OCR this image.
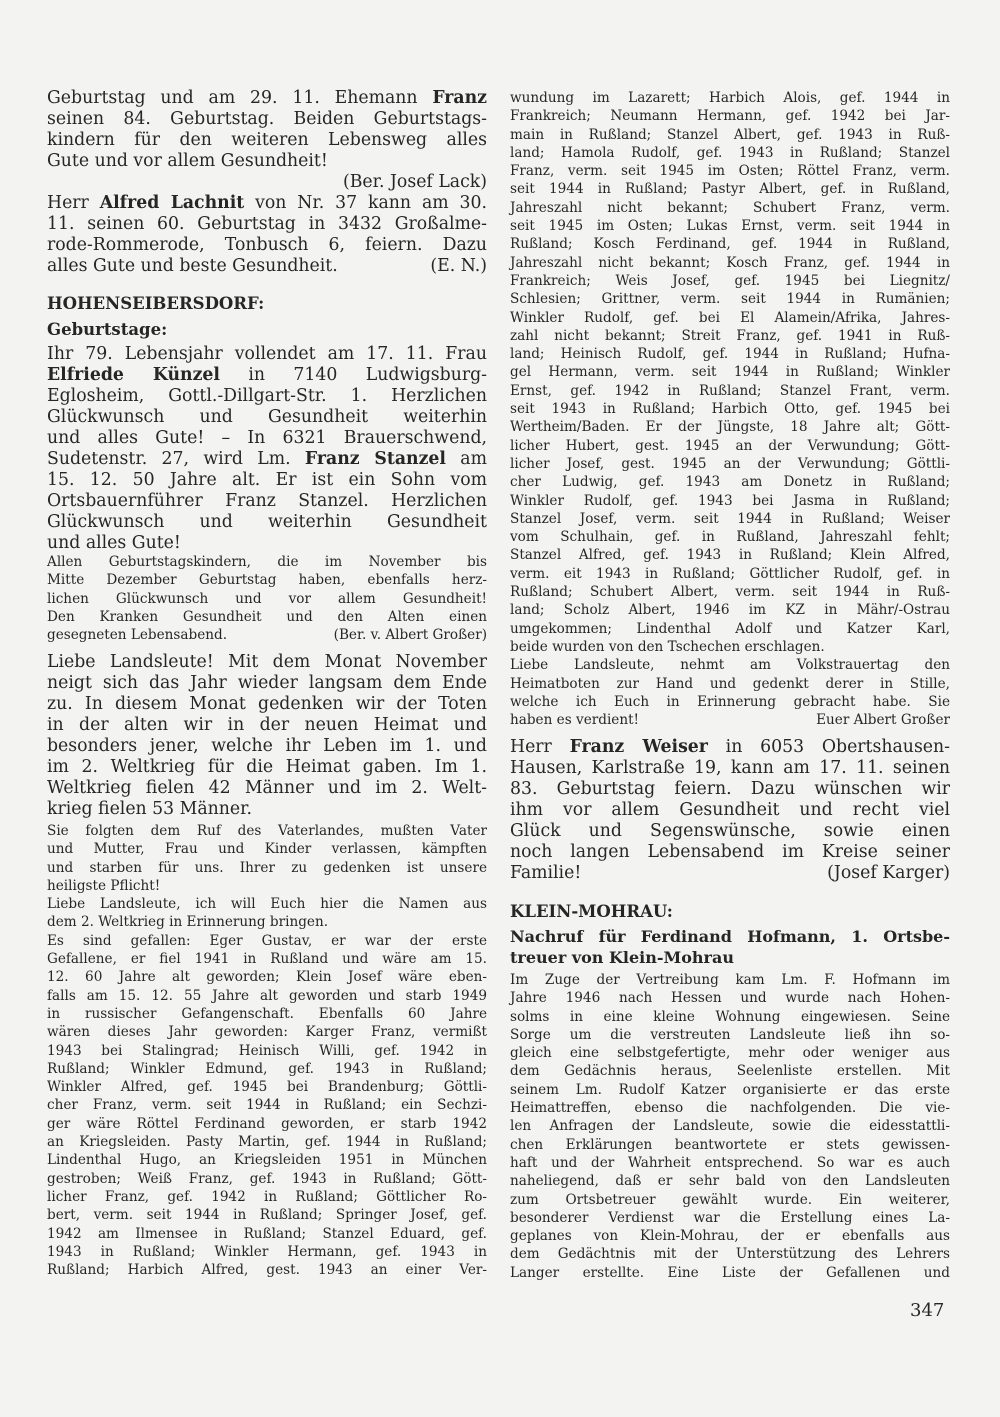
Geburtstag und am 29. 11. Ehemann Franz
seinen 84. Geburtstag. Beiden Geburtstags-
kindern für den weiteren Lebensweg alles
Gute und vor allem Gesundheit!
(Ber. Josef Lack)
Herr Alfred Lachnit von Nr. 37 kann am 30.
11. seinen 60. Geburtstag in 3432 Großalme-
rode-Rommerode, Tonbusch 6, feiern. Dazu
alles Gute und beste Gesundheit.	(E. N.)
HOHENSEIBERSDORF:
Geburtstage:
Ihr 79. Lebensjahr vollendet am 17. 11. Frau
Elfriede Künzel in 7140 Ludwigsburg-
Eglosheim, Gottl.-Dillgart-Str. 1. Herzlichen
Glückwunsch und Gesundheit weiterhin
und alles Gute! – In 6321 Brauerschwend,
Sudetenstr. 27, wird Lm. Franz Stanzel am
15. 12. 50 Jahre alt. Er ist ein Sohn vom
Ortsbauernführer Franz Stanzel. Herzlichen
Glückwunsch und weiterhin Gesundheit
und alles Gute!
Allen Geburtstagskindern, die im November bis
Mitte Dezember Geburtstag haben, ebenfalls herz-
lichen Glückwunsch und vor allem Gesundheit!
Den Kranken Gesundheit und den Alten einen
gesegneten Lebensabend.	(Ber. v. Albert Großer)
Liebe Landsleute! Mit dem Monat November
neigt sich das Jahr wieder langsam dem Ende
zu. In diesem Monat gedenken wir der Toten
in der alten wir in der neuen Heimat und
besonders jener, welche ihr Leben im 1. und
im 2. Weltkrieg für die Heimat gaben. Im 1.
Weltkrieg fielen 42 Männer und im 2. Welt-
krieg fielen 53 Männer.
Sie folgten dem Ruf des Vaterlandes, mußten Vater
und Mutter, Frau und Kinder verlassen, kämpften
und starben für uns. Ihrer zu gedenken ist unsere
heiligste Pflicht!
Liebe Landsleute, ich will Euch hier die Namen aus
dem 2. Weltkrieg in Erinnerung bringen.
Es sind gefallen: Eger Gustav, er war der erste
Gefallene, er fiel 1941 in Rußland und wäre am 15.
12. 60 Jahre alt geworden; Klein Josef wäre eben-
falls am 15. 12. 55 Jahre alt geworden und starb 1949
in russischer Gefangenschaft. Ebenfalls 60 Jahre
wären dieses Jahr geworden: Karger Franz, vermißt
1943 bei Stalingrad; Heinisch Willi, gef. 1942 in
Rußland; Winkler Edmund, gef. 1943 in Rußland;
Winkler Alfred, gef. 1945 bei Brandenburg; Göttli-
cher Franz, verm. seit 1944 in Rußland; ein Sechzi-
ger wäre Röttel Ferdinand geworden, er starb 1942
an Kriegsleiden. Pasty Martin, gef. 1944 in Rußland;
Lindenthal Hugo, an Kriegsleiden 1951 in München
gestroben; Weiß Franz, gef. 1943 in Rußland; Gött-
licher Franz, gef. 1942 in Rußland; Göttlicher Ro-
bert, verm. seit 1944 in Rußland; Springer Josef, gef.
1942 am Ilmensee in Rußland; Stanzel Eduard, gef.
1943 in Rußland; Winkler Hermann, gef. 1943 in
Rußland; Harbich Alfred, gest. 1943 an einer Ver-
wundung im Lazarett; Harbich Alois, gef. 1944 in
Frankreich; Neumann Hermann, gef. 1942 bei Jar-
main in Rußland; Stanzel Albert, gef. 1943 in Ruß-
land; Hamola Rudolf, gef. 1943 in Rußland; Stanzel
Franz, verm. seit 1945 im Osten; Röttel Franz, verm.
seit 1944 in Rußland; Pastyr Albert, gef. in Rußland,
Jahreszahl nicht bekannt; Schubert Franz, verm.
seit 1945 im Osten; Lukas Ernst, verm. seit 1944 in
Rußland; Kosch Ferdinand, gef. 1944 in Rußland,
Jahreszahl nicht bekannt; Kosch Franz, gef. 1944 in
Frankreich; Weis Josef, gef. 1945 bei Liegnitz/
Schlesien; Grittner, verm. seit 1944 in Rumänien;
Winkler Rudolf, gef. bei El Alamein/Afrika, Jahres-
zahl nicht bekannt; Streit Franz, gef. 1941 in Ruß-
land; Heinisch Rudolf, gef. 1944 in Rußland; Hufna-
gel Hermann, verm. seit 1944 in Rußland; Winkler
Ernst, gef. 1942 in Rußland; Stanzel Frant, verm.
seit 1943 in Rußland; Harbich Otto, gef. 1945 bei
Wertheim/Baden. Er der Jüngste, 18 Jahre alt; Gött-
licher Hubert, gest. 1945 an der Verwundung; Gött-
licher Josef, gest. 1945 an der Verwundung; Göttli-
cher Ludwig, gef. 1943 am Donetz in Rußland;
Winkler Rudolf, gef. 1943 bei Jasma in Rußland;
Stanzel Josef, verm. seit 1944 in Rußland; Weiser
vom Schulhain, gef. in Rußland, Jahreszahl fehlt;
Stanzel Alfred, gef. 1943 in Rußland; Klein Alfred,
verm. eit 1943 in Rußland; Göttlicher Rudolf, gef. in
Rußland; Schubert Albert, verm. seit 1944 in Ruß-
land; Scholz Albert, 1946 im KZ in Mähr/-Ostrau
umgekommen; Lindenthal Adolf und Katzer Karl,
beide wurden von den Tschechen erschlagen.
Liebe Landsleute, nehmt am Volkstrauertag den
Heimatboten zur Hand und gedenkt derer in Stille,
welche ich Euch in Erinnerung gebracht habe. Sie
haben es verdient!	Euer Albert Großer
Herr Franz Weiser in 6053 Obertshausen-
Hausen, Karlstraße 19, kann am 17. 11. seinen
83. Geburtstag feiern. Dazu wünschen wir
ihm vor allem Gesundheit und recht viel
Glück und Segenswünsche, sowie einen
noch langen Lebensabend im Kreise seiner
Familie!	(Josef Karger)
KLEIN-MOHRAU:
Nachruf für Ferdinand Hofmann, 1. Ortsbe-
treuer von Klein-Mohrau
Im Zuge der Vertreibung kam Lm. F. Hofmann im
Jahre 1946 nach Hessen und wurde nach Hohen-
solms in eine kleine Wohnung eingewiesen. Seine
Sorge um die verstreuten Landsleute ließ ihn so-
gleich eine selbstgefertigte, mehr oder weniger aus
dem Gedächnis heraus, Seelenliste erstellen. Mit
seinem Lm. Rudolf Katzer organisierte er das erste
Heimattreffen, ebenso die nachfolgenden. Die vie-
len Anfragen der Landsleute, sowie die eidesstattli-
chen Erklärungen beantwortete er stets gewissen-
haft und der Wahrheit entsprechend. So war es auch
naheliegend, daß er sehr bald von den Landsleuten
zum Ortsbetreuer gewählt wurde. Ein weiterer,
besonderer Verdienst war die Erstellung eines La-
geplanes von Klein-Mohrau, der er ebenfalls aus
dem Gedächtnis mit der Unterstützung des Lehrers
Langer erstellte. Eine Liste der Gefallenen und
347
